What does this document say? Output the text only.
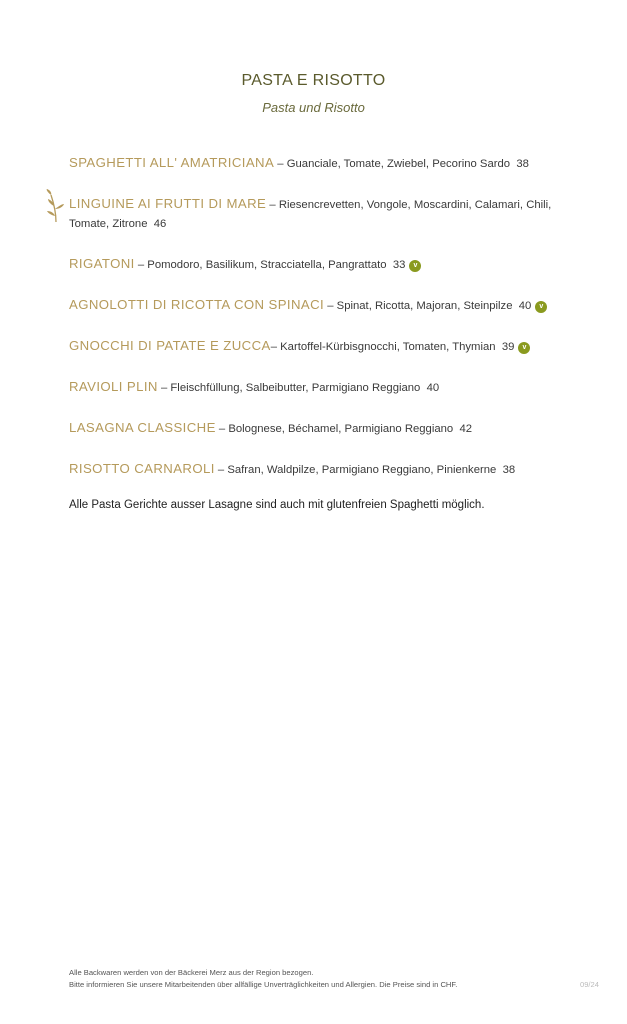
PASTA E RISOTTO
Pasta und Risotto
SPAGHETTI ALL' AMATRICIANA – Guanciale, Tomate, Zwiebel, Pecorino Sardo 38
LINGUINE AI FRUTTI DI MARE – Riesencrevetten, Vongole, Moscardini, Calamari, Chili, Tomate, Zitrone 46
RIGATONI – Pomodoro, Basilikum, Stracciatella, Pangrattato 33 v
AGNOLOTTI DI RICOTTA CON SPINACI – Spinat, Ricotta, Majoran, Steinpilze 40 v
GNOCCHI DI PATATE E ZUCCA– Kartoffel-Kürbisgnocchi, Tomaten, Thymian 39 v
RAVIOLI PLIN – Fleischfüllung, Salbeibutter, Parmigiano Reggiano 40
LASAGNA CLASSICHE – Bolognese, Béchamel, Parmigiano Reggiano 42
RISOTTO CARNAROLI – Safran, Waldpilze, Parmigiano Reggiano, Pinienkerne 38
Alle Pasta Gerichte ausser Lasagne sind auch mit glutenfreien Spaghetti möglich.
Alle Backwaren werden von der Bäckerei Merz aus der Region bezogen.
Bitte informieren Sie unsere Mitarbeitenden über allfällige Unverträglichkeiten und Allergien. Die Preise sind in CHF.	09/24
